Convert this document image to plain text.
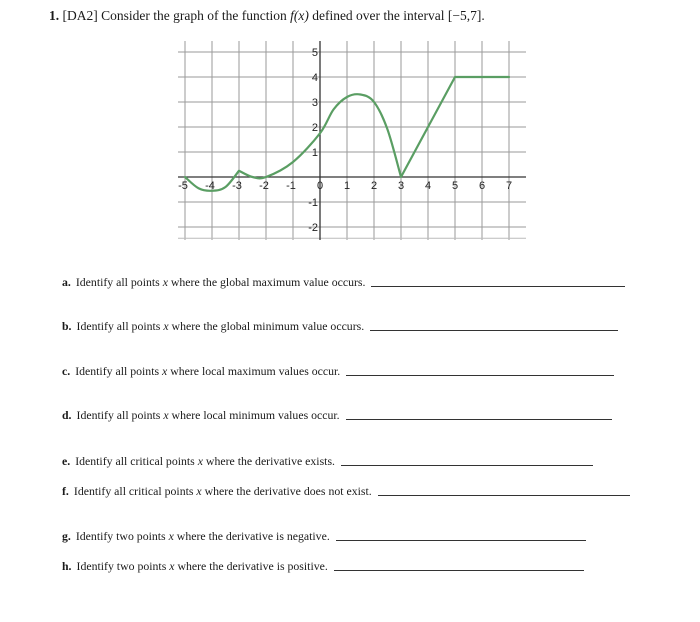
1. [DA2] Consider the graph of the function f(x) defined over the interval [−5,7].
-5 -4 -3 -2 -1 0 1 2 3 4 5 6 7
5
4
3
2
1
-1
-2
a. Identify all points
x
where the global maximum value occurs.
b. Identify all points
x
where the global minimum value occurs.
c. Identify all points
x
where local maximum values occur.
d. Identify all points
x
where local minimum values occur.
e. Identify all critical points
x
where the derivative exists.
f. Identify all critical points
x
where the derivative does not exist.
g. Identify two points
x
where the derivative is negative.
h. Identify two points
x
where the derivative is positive.
